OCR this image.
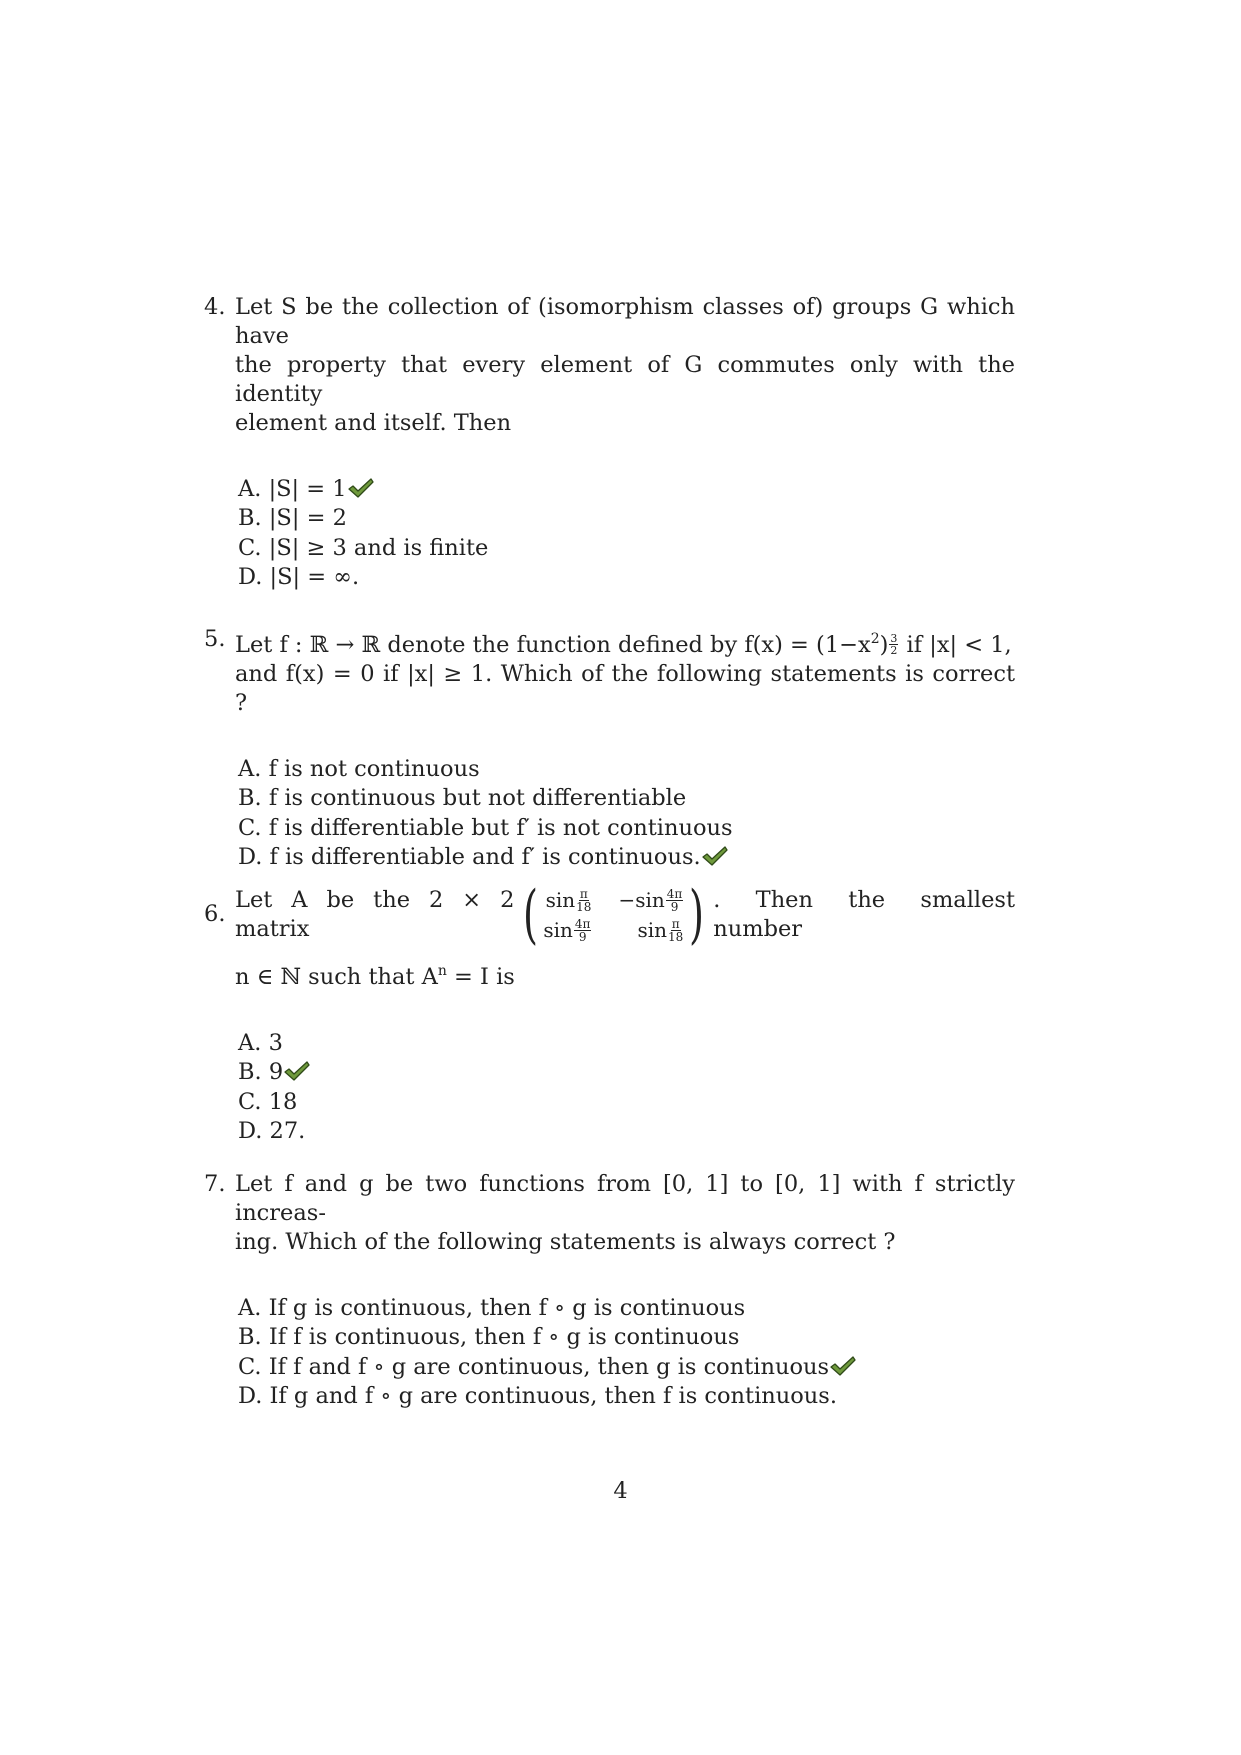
4. Let S be the collection of (isomorphism classes of) groups G which have
the property that every element of G commutes only with the identity
element and itself. Then
A. |S| = 1
B. |S| = 2
C. |S| ≥ 3 and is finite
D. |S| = ∞.
5. Let f : ℝ → ℝ denote the function defined by $f(x) = (1-x^2) \frac{3}{2}$ if |x| < 1,
and f(x) = 0 if |x| ≥ 1. Which of the following statements is correct ?
A. f is not continuous
B. f is continuous but not differentiable
C. f is differentiable but f′ is not continuous
D. f is differentiable and f′ is continuous.
6.
Let A be the 2 × 2 matrix	( $\sin \frac{\pi}{18} -\sin \frac{4\pi}{9}$
$\sin \frac{4\pi}{9}$ $\sin \frac{\pi}{18}$ ) . Then the smallest number
n ∈ ℕ such that $A^n = I$ is
A. 3
B. 9
C. 18
D. 27.
7. Let f and g be two functions from [0, 1] to [0, 1] with f strictly increas-
ing. Which of the following statements is always correct ?
A. If g is continuous, then f ∘ g is continuous
B. If f is continuous, then f ∘ g is continuous
C. If f and f ∘ g are continuous, then g is continuous
D. If g and f ∘ g are continuous, then f is continuous.
4
